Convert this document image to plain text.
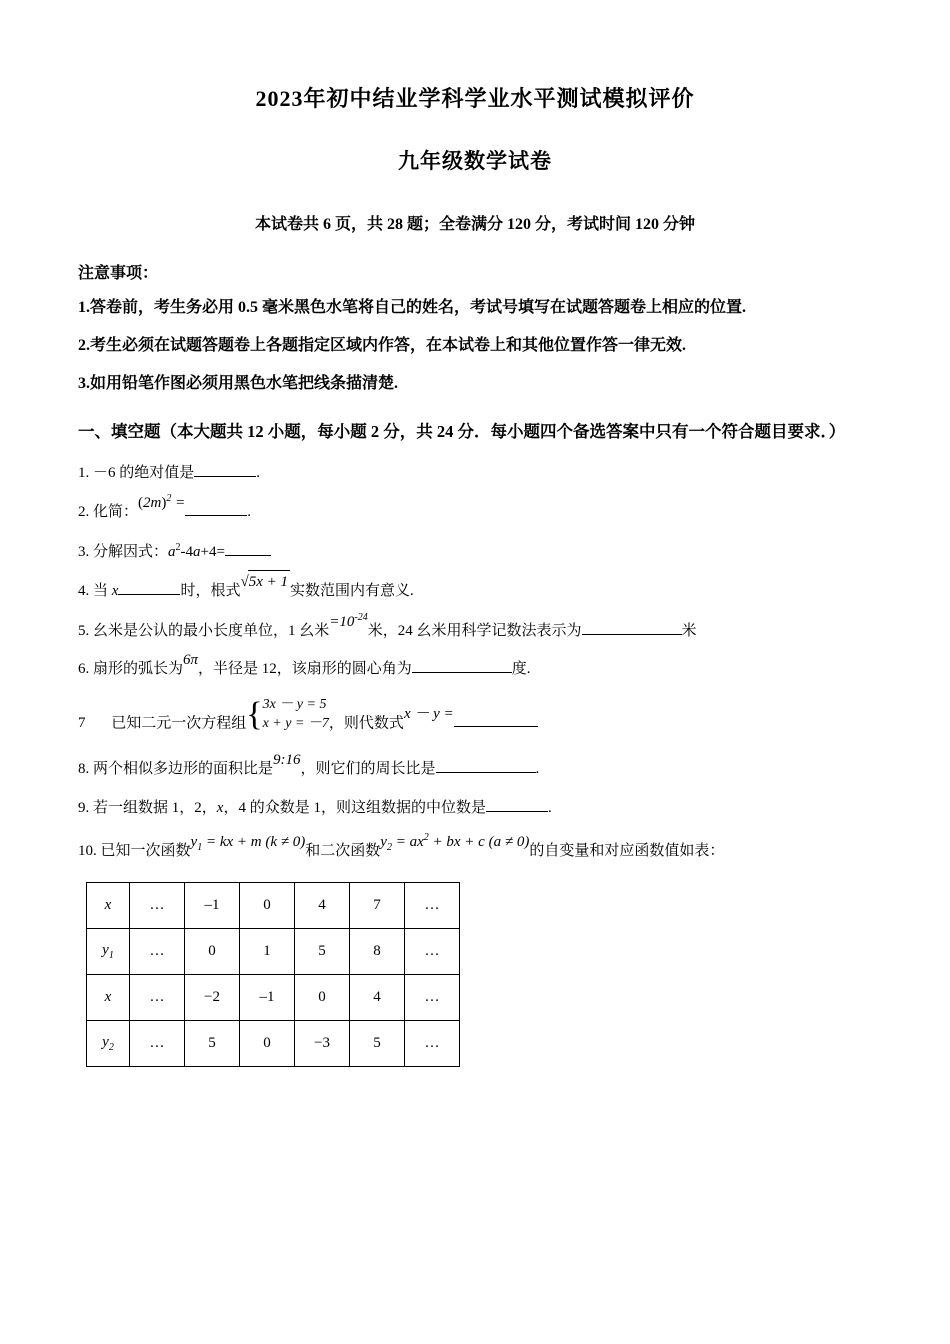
2023年初中结业学科学业水平测试模拟评价
九年级数学试卷
本试卷共 6 页，共 28 题；全卷满分 120 分，考试时间 120 分钟
注意事项：
1.答卷前，考生务必用 0.5 毫米黑色水笔将自己的姓名，考试号填写在试题答题卷上相应的位置.
2.考生必须在试题答题卷上各题指定区域内作答，在本试卷上和其他位置作答一律无效.
3.如用铅笔作图必须用黑色水笔把线条描清楚.
一、填空题（本大题共 12 小题，每小题 2 分，共 24 分．每小题四个备选答案中只有一个符合题目要求．）
1. －6 的绝对值是	.
2. 化简：$(2m)^2$ =.
3. 分解因式：$a^2-4a+4=$
4. 当 x	时，根式√5x + 1实数范围内有意义.
5. 幺米是公认的最小长度单位，1 幺米$=10^{-24}$米，24 幺米用科学记数法表示为	米
6. 扇形的弧长为6π，半径是 12，该扇形的圆心角为	度.
7 已知二元一次方程组{3x － y = 5
x + y = －7，则代数式x － y =
8. 两个相似多边形的面积比是9:16，则它们的周长比是	.
9. 若一组数据 1，2，x，4 的众数是 1，则这组数据的中位数是	.
10. 已知一次函数$y_1$ = kx + m (k ≠ 0)和二次函数$y_2 = ax^2$ + bx + c (a ≠ 0)的自变量和对应函数值如表：
x	…	–1	0	4	7	…
$y_1$	…	0	1	5	8	…
x	…	−2	–1	0	4	…
$y_2$	…	5	0	−3	5	…
